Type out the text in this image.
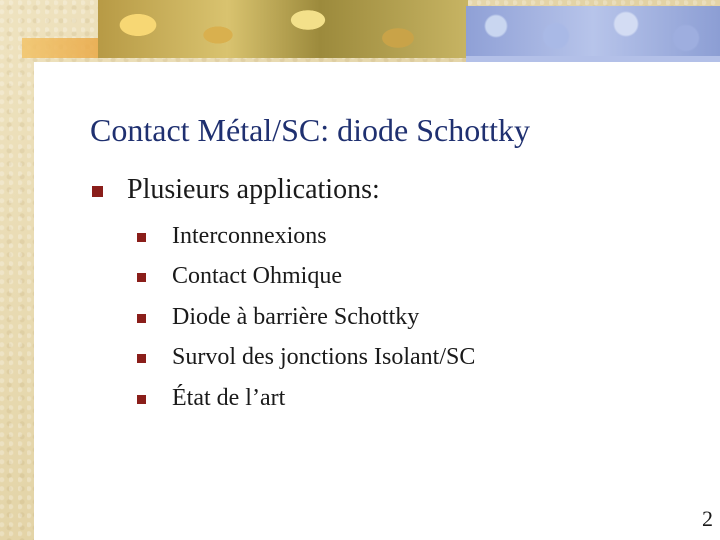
Contact Métal/SC: diode Schottky
Plusieurs applications:
Interconnexions
Contact Ohmique
Diode à barrière Schottky
Survol des jonctions Isolant/SC
État de l’art
2
